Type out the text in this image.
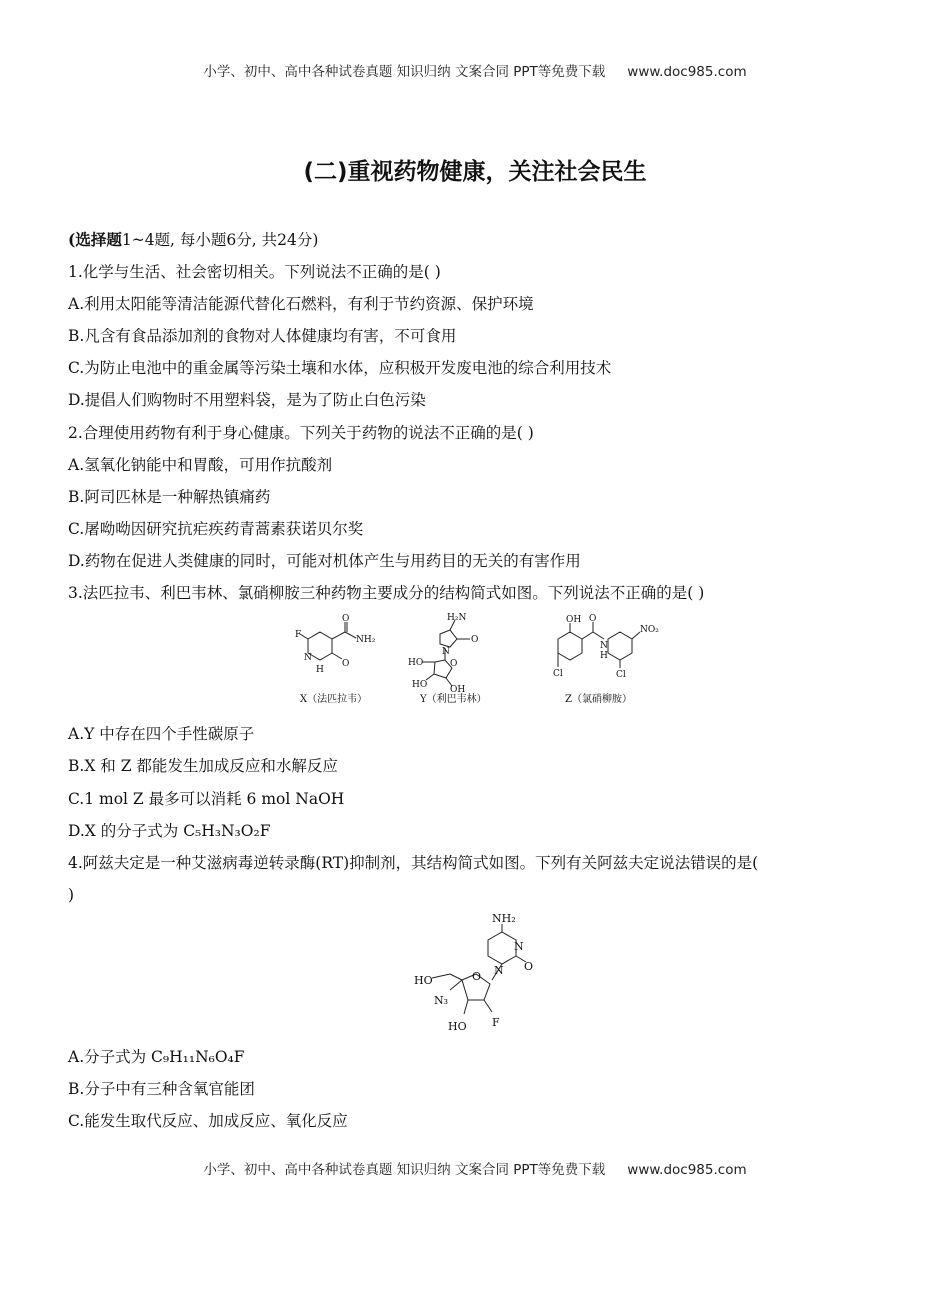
小学、初中、高中各种试卷真题 知识归纳 文案合同 PPT等免费下载 www.doc985.com
(二)重视药物健康，关注社会民生
(选择题1~4题, 每小题6分, 共24分)
1.化学与生活、社会密切相关。下列说法不正确的是( )
A.利用太阳能等清洁能源代替化石燃料，有利于节约资源、保护环境
B.凡含有食品添加剂的食物对人体健康均有害，不可食用
C.为防止电池中的重金属等污染土壤和水体，应积极开发废电池的综合利用技术
D.提倡人们购物时不用塑料袋，是为了防止白色污染
2.合理使用药物有利于身心健康。下列关于药物的说法不正确的是( )
A.氢氧化钠能中和胃酸，可用作抗酸剂
B.阿司匹林是一种解热镇痛药
C.屠呦呦因研究抗疟疾药青蒿素获诺贝尔奖
D.药物在促进人类健康的同时，可能对机体产生与用药目的无关的有害作用
3.法匹拉韦、利巴韦林、氯硝柳胺三种药物主要成分的结构简式如图。下列说法不正确的是( )
F	NH₂
O
N
H
O
H₂N
O
N
HO
HO	OH
O
OH O
NO₂
N
H
Cl	Cl
X（法匹拉韦）	Y（利巴韦林）	Z（氯硝柳胺）
A.Y 中存在四个手性碳原子
B.X 和 Z 都能发生加成反应和水解反应
C.1 mol Z 最多可以消耗 6 mol NaOH
D.X 的分子式为 C₅H₃N₃O₂F
4.阿兹夫定是一种艾滋病毒逆转录酶(RT)抑制剂，其结构简式如图。下列有关阿兹夫定说法错误的是(
)
NH₂
N
O
N
HO	O
N₃
F
HO
A.分子式为 C₉H₁₁N₆O₄F
B.分子中有三种含氧官能团
C.能发生取代反应、加成反应、氧化反应
小学、初中、高中各种试卷真题 知识归纳 文案合同 PPT等免费下载 www.doc985.com
